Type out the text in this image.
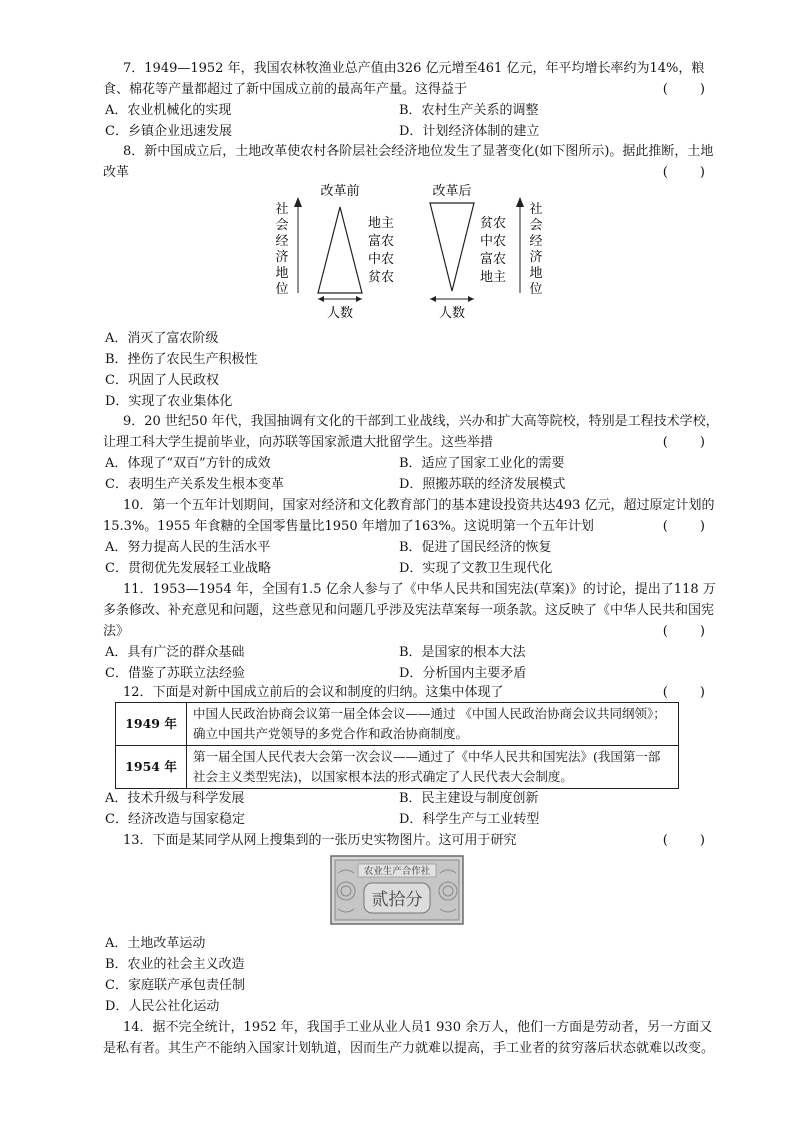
7．1949—1952 年，我国农林牧渔业总产值由326 亿元增至461 亿元，年平均增长率约为14%，粮食、棉花等产量都超过了新中国成立前的最高年产量。这得益于	( )
A．农业机械化的实现	B．农村生产关系的调整
C．乡镇企业迅速发展	D．计划经济体制的建立
8．新中国成立后，土地改革使农村各阶层社会经济地位发生了显著变化(如下图所示)。据此推断，土地改革	( )
社
会
经
济
地
位
改革前
地主
富农
中农
贫农
人数
改革后
贫农
中农
富农
地主
人数
社
会
经
济
地
位
A．消灭了富农阶级
B．挫伤了农民生产积极性
C．巩固了人民政权
D．实现了农业集体化
9．20 世纪50 年代，我国抽调有文化的干部到工业战线，兴办和扩大高等院校，特别是工程技术学校，让理工科大学生提前毕业，向苏联等国家派遣大批留学生。这些举措	( )
A．体现了“双百”方针的成效	B．适应了国家工业化的需要
C．表明生产关系发生根本变革	D．照搬苏联的经济发展模式
10．第一个五年计划期间，国家对经济和文化教育部门的基本建设投资共达493 亿元，超过原定计划的15.3%。1955 年食糖的全国零售量比1950 年增加了163%。这说明第一个五年计划	( )
A．努力提高人民的生活水平	B．促进了国民经济的恢复
C．贯彻优先发展轻工业战略	D．实现了文教卫生现代化
11．1953—1954 年，全国有1.5 亿余人参与了《中华人民共和国宪法(草案)》的讨论，提出了118 万多条修改、补充意见和问题，这些意见和问题几乎涉及宪法草案每一项条款。这反映了《中华人民共和国宪法》	( )
A．具有广泛的群众基础	B．是国家的根本大法
C．借鉴了苏联立法经验	D．分析国内主要矛盾
12．下面是对新中国成立前后的会议和制度的归纳。这集中体现了	( )
1949 年	中国人民政治协商会议第一届全体会议——通过 《中国人民政治协商会议共同纲领》；确立中国共产党领导的多党合作和政治协商制度。
1954 年	第一届全国人民代表大会第一次会议——通过了《中华人民共和国宪法》(我国第一部社会主义类型宪法)，以国家根本法的形式确定了人民代表大会制度。
A．技术升级与科学发展	B．民主建设与制度创新
C．经济改造与国家稳定	D．科学生产与工业转型
13．下面是某同学从网上搜集到的一张历史实物图片。这可用于研究	( )
农业生产合作社
贰拾分
A．土地改革运动
B．农业的社会主义改造
C．家庭联产承包责任制
D．人民公社化运动
14．据不完全统计，1952 年，我国手工业从业人员1 930 余万人，他们一方面是劳动者，另一方面又是私有者。其生产不能纳入国家计划轨道，因而生产力就难以提高，手工业者的贫穷落后状态就难以改变。
